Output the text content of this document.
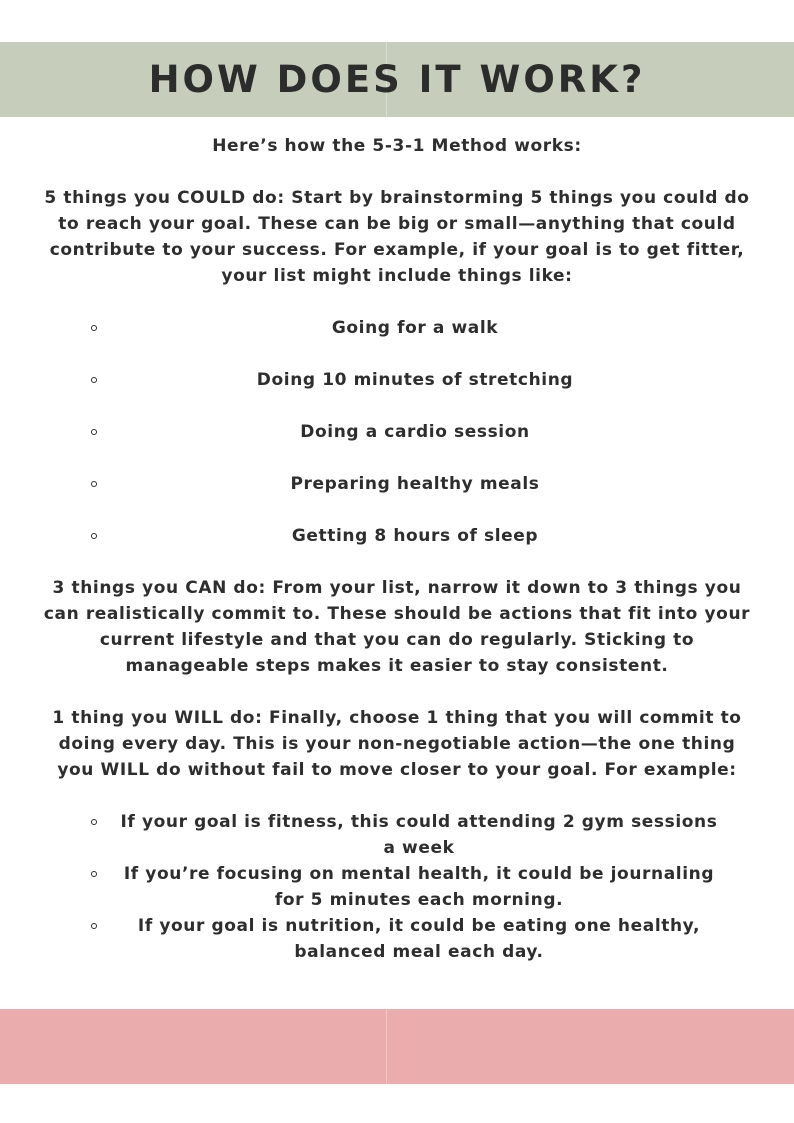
HOW DOES IT WORK?

Here’s how the 5-3-1 Method works:

5 things you COULD do: Start by brainstorming 5 things you could do to reach your goal. These can be big or small—anything that could contribute to your success. For example, if your goal is to get fitter, your list might include things like:

Going for a walk
Doing 10 minutes of stretching
Doing a cardio session
Preparing healthy meals
Getting 8 hours of sleep

3 things you CAN do: From your list, narrow it down to 3 things you can realistically commit to. These should be actions that fit into your current lifestyle and that you can do regularly. Sticking to manageable steps makes it easier to stay consistent.

1 thing you WILL do: Finally, choose 1 thing that you will commit to doing every day. This is your non-negotiable action—the one thing you WILL do without fail to move closer to your goal. For example:

If your goal is fitness, this could attending 2 gym sessions a week
If you’re focusing on mental health, it could be journaling for 5 minutes each morning.
If your goal is nutrition, it could be eating one healthy, balanced meal each day.
